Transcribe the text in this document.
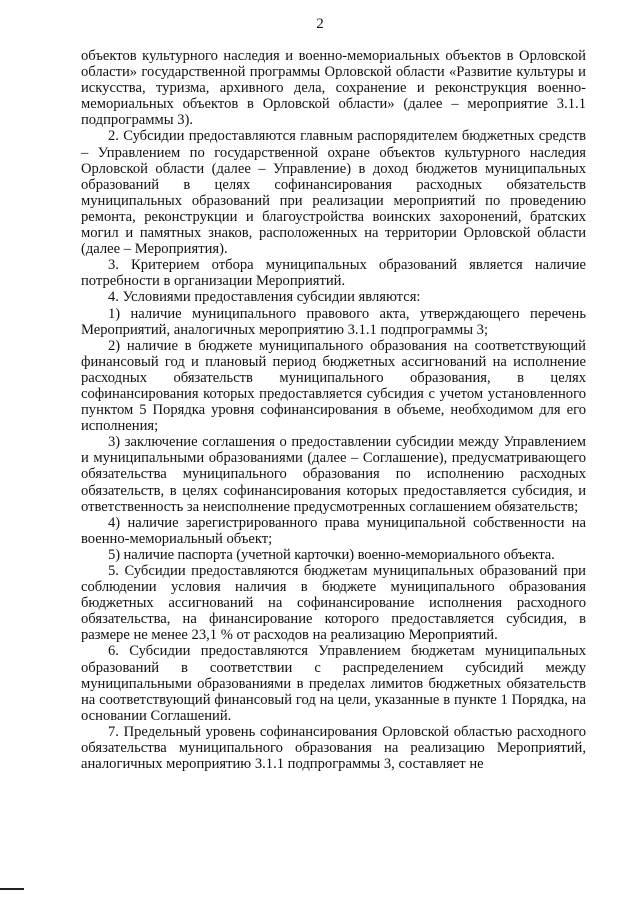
2

объектов культурного наследия и военно-мемориальных объектов в Орловской области» государственной программы Орловской области «Развитие культуры и искусства, туризма, архивного дела, сохранение и реконструкция военно-мемориальных объектов в Орловской области» (далее – мероприятие 3.1.1 подпрограммы 3).

2. Субсидии предоставляются главным распорядителем бюджетных средств – Управлением по государственной охране объектов культурного наследия Орловской области (далее – Управление) в доход бюджетов муниципальных образований в целях софинансирования расходных обязательств муниципальных образований при реализации мероприятий по проведению ремонта, реконструкции и благоустройства воинских захоронений, братских могил и памятных знаков, расположенных на территории Орловской области (далее – Мероприятия).

3. Критерием отбора муниципальных образований является наличие потребности в организации Мероприятий.

4. Условиями предоставления субсидии являются:

1) наличие муниципального правового акта, утверждающего перечень Мероприятий, аналогичных мероприятию 3.1.1 подпрограммы 3;

2) наличие в бюджете муниципального образования на соответствующий финансовый год и плановый период бюджетных ассигнований на исполнение расходных обязательств муниципального образования, в целях софинансирования которых предоставляется субсидия с учетом установленного пунктом 5 Порядка уровня софинансирования в объеме, необходимом для его исполнения;

3) заключение соглашения о предоставлении субсидии между Управлением и муниципальными образованиями (далее – Соглашение), предусматривающего обязательства муниципального образования по исполнению расходных обязательств, в целях софинансирования которых предоставляется субсидия, и ответственность за неисполнение предусмотренных соглашением обязательств;

4) наличие зарегистрированного права муниципальной собственности на военно-мемориальный объект;

5) наличие паспорта (учетной карточки) военно-мемориального объекта.

5. Субсидии предоставляются бюджетам муниципальных образований при соблюдении условия наличия в бюджете муниципального образования бюджетных ассигнований на софинансирование исполнения расходного обязательства, на финансирование которого предоставляется субсидия, в размере не менее 23,1 % от расходов на реализацию Мероприятий.

6. Субсидии предоставляются Управлением бюджетам муниципальных образований в соответствии с распределением субсидий между муниципальными образованиями в пределах лимитов бюджетных обязательств на соответствующий финансовый год на цели, указанные в пункте 1 Порядка, на основании Соглашений.

7. Предельный уровень софинансирования Орловской областью расходного обязательства муниципального образования на реализацию Мероприятий, аналогичных мероприятию 3.1.1 подпрограммы 3, составляет не
